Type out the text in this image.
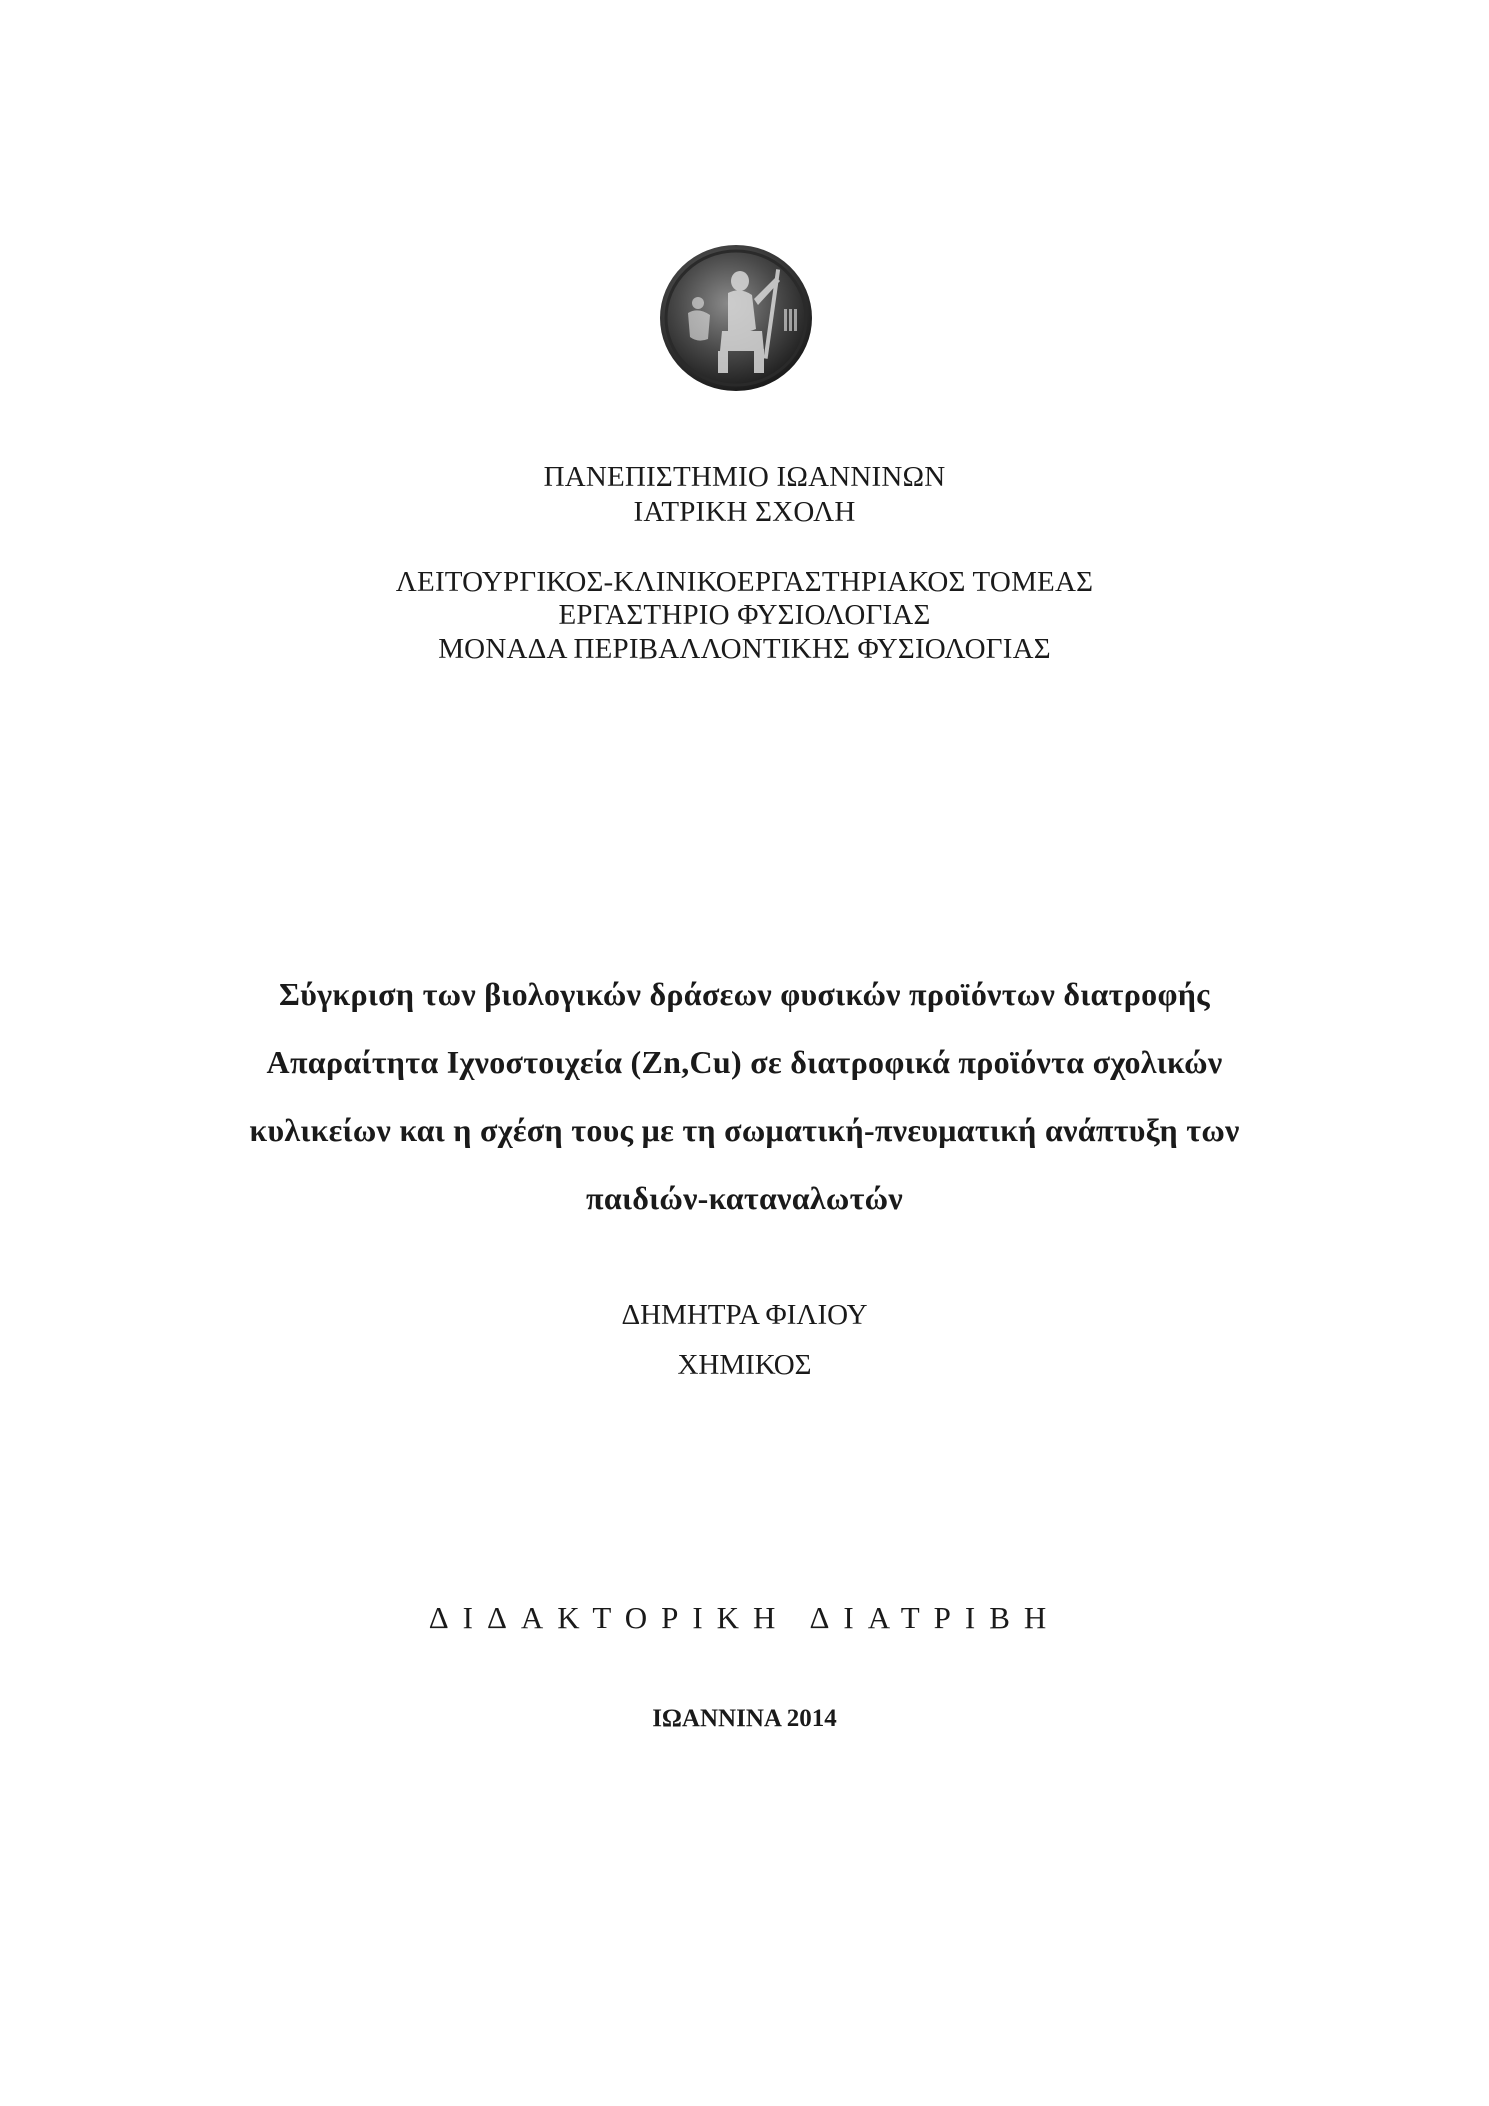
ΠΑΝΕΠΙΣΤΗΜΙΟ ΙΩΑΝΝΙΝΩΝ
ΙΑΤΡΙΚΗ ΣΧΟΛΗ
ΛΕΙΤΟΥΡΓΙΚΟΣ-ΚΛΙΝΙΚΟΕΡΓΑΣΤΗΡΙΑΚΟΣ ΤΟΜΕΑΣ
ΕΡΓΑΣΤΗΡΙΟ ΦΥΣΙΟΛΟΓΙΑΣ
ΜΟΝΑΔΑ ΠΕΡΙΒΑΛΛΟΝΤΙΚΗΣ ΦΥΣΙΟΛΟΓΙΑΣ
Σύγκριση των βιολογικών δράσεων φυσικών προϊόντων διατροφής
Απαραίτητα Ιχνοστοιχεία (Zn,Cu) σε διατροφικά προϊόντα σχολικών
κυλικείων και η σχέση τους με τη σωματική-πνευματική ανάπτυξη των
παιδιών-καταναλωτών
ΔΗΜΗΤΡΑ ΦΙΛΙΟΥ
ΧΗΜΙΚΟΣ
ΔΙΔΑΚΤΟΡΙΚΗ ΔΙΑΤΡΙΒΗ
ΙΩΑΝΝΙΝΑ 2014
